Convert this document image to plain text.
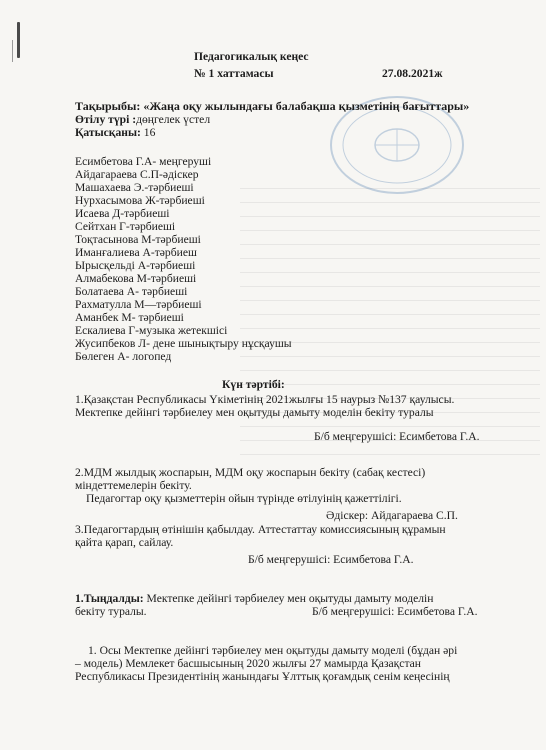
Педагогикалық кеңес
№ 1 хаттамасы	27.08.2021ж
Тақырыбы: «Жаңа оқу жылындағы балабақша қызметінің бағыттары»
Өтілу түрі :дөңгелек үстел
Қатысқаны: 16
Есимбетова Г.А- меңгеруші
Айдагараева С.П-әдіскер
Машахаева Э.-тәрбиеші
Нурхасымова Ж-тәрбиеші
Исаева Д-тәрбиеші
Сейтхан Г-тәрбиеші
Тоқтасынова М-тәрбиеші
Иманғалиева А-тәрбиеш
Ырысқельді А-тәрбиеші
Алмабекова М-тәрбиеші
Болатаева А- тәрбиеші
Рахматулла М—тәрбиеші
Аманбек М- тәрбиеші
Ескалиева Г-музыка жетекшісі
Жусипбеков Л- дене шынықтыру нұсқаушы
Бөлеген А- логопед
Күн тәртібі:
1.Қазақстан Республикасы Үкіметінің 2021жылғы 15 наурыз №137 қаулысы.
Мектепке дейінгі тәрбиелеу мен оқытуды дамыту моделін бекіту туралы
Б/б меңгерушісі: Есимбетова Г.А.
2.МДМ жылдық жоспарын, МДМ оқу жоспарын бекіту (сабақ кестесі)
міндеттемелерін бекіту.
Педагогтар оқу қызметтерін ойын түрінде өтілуінің қажеттілігі.
Әдіскер: Айдагараева С.П.
3.Педагогтардың өтінішін қабылдау. Аттестаттау комиссиясының құрамын
қайта қарап, сайлау.
Б/б меңгерушісі: Есимбетова Г.А.
1.Тыңдалды: Мектепке дейінгі тәрбиелеу мен оқытуды дамыту моделін
бекіту туралы.	Б/б меңгерушісі: Есимбетова Г.А.
1. Осы Мектепке дейінгі тәрбиелеу мен оқытуды дамыту моделі (бұдан әрі
– модель) Мемлекет басшысының 2020 жылғы 27 мамырда Қазақстан
Республикасы Президентінің жанындағы Ұлттық қоғамдық сенім кеңесінің
